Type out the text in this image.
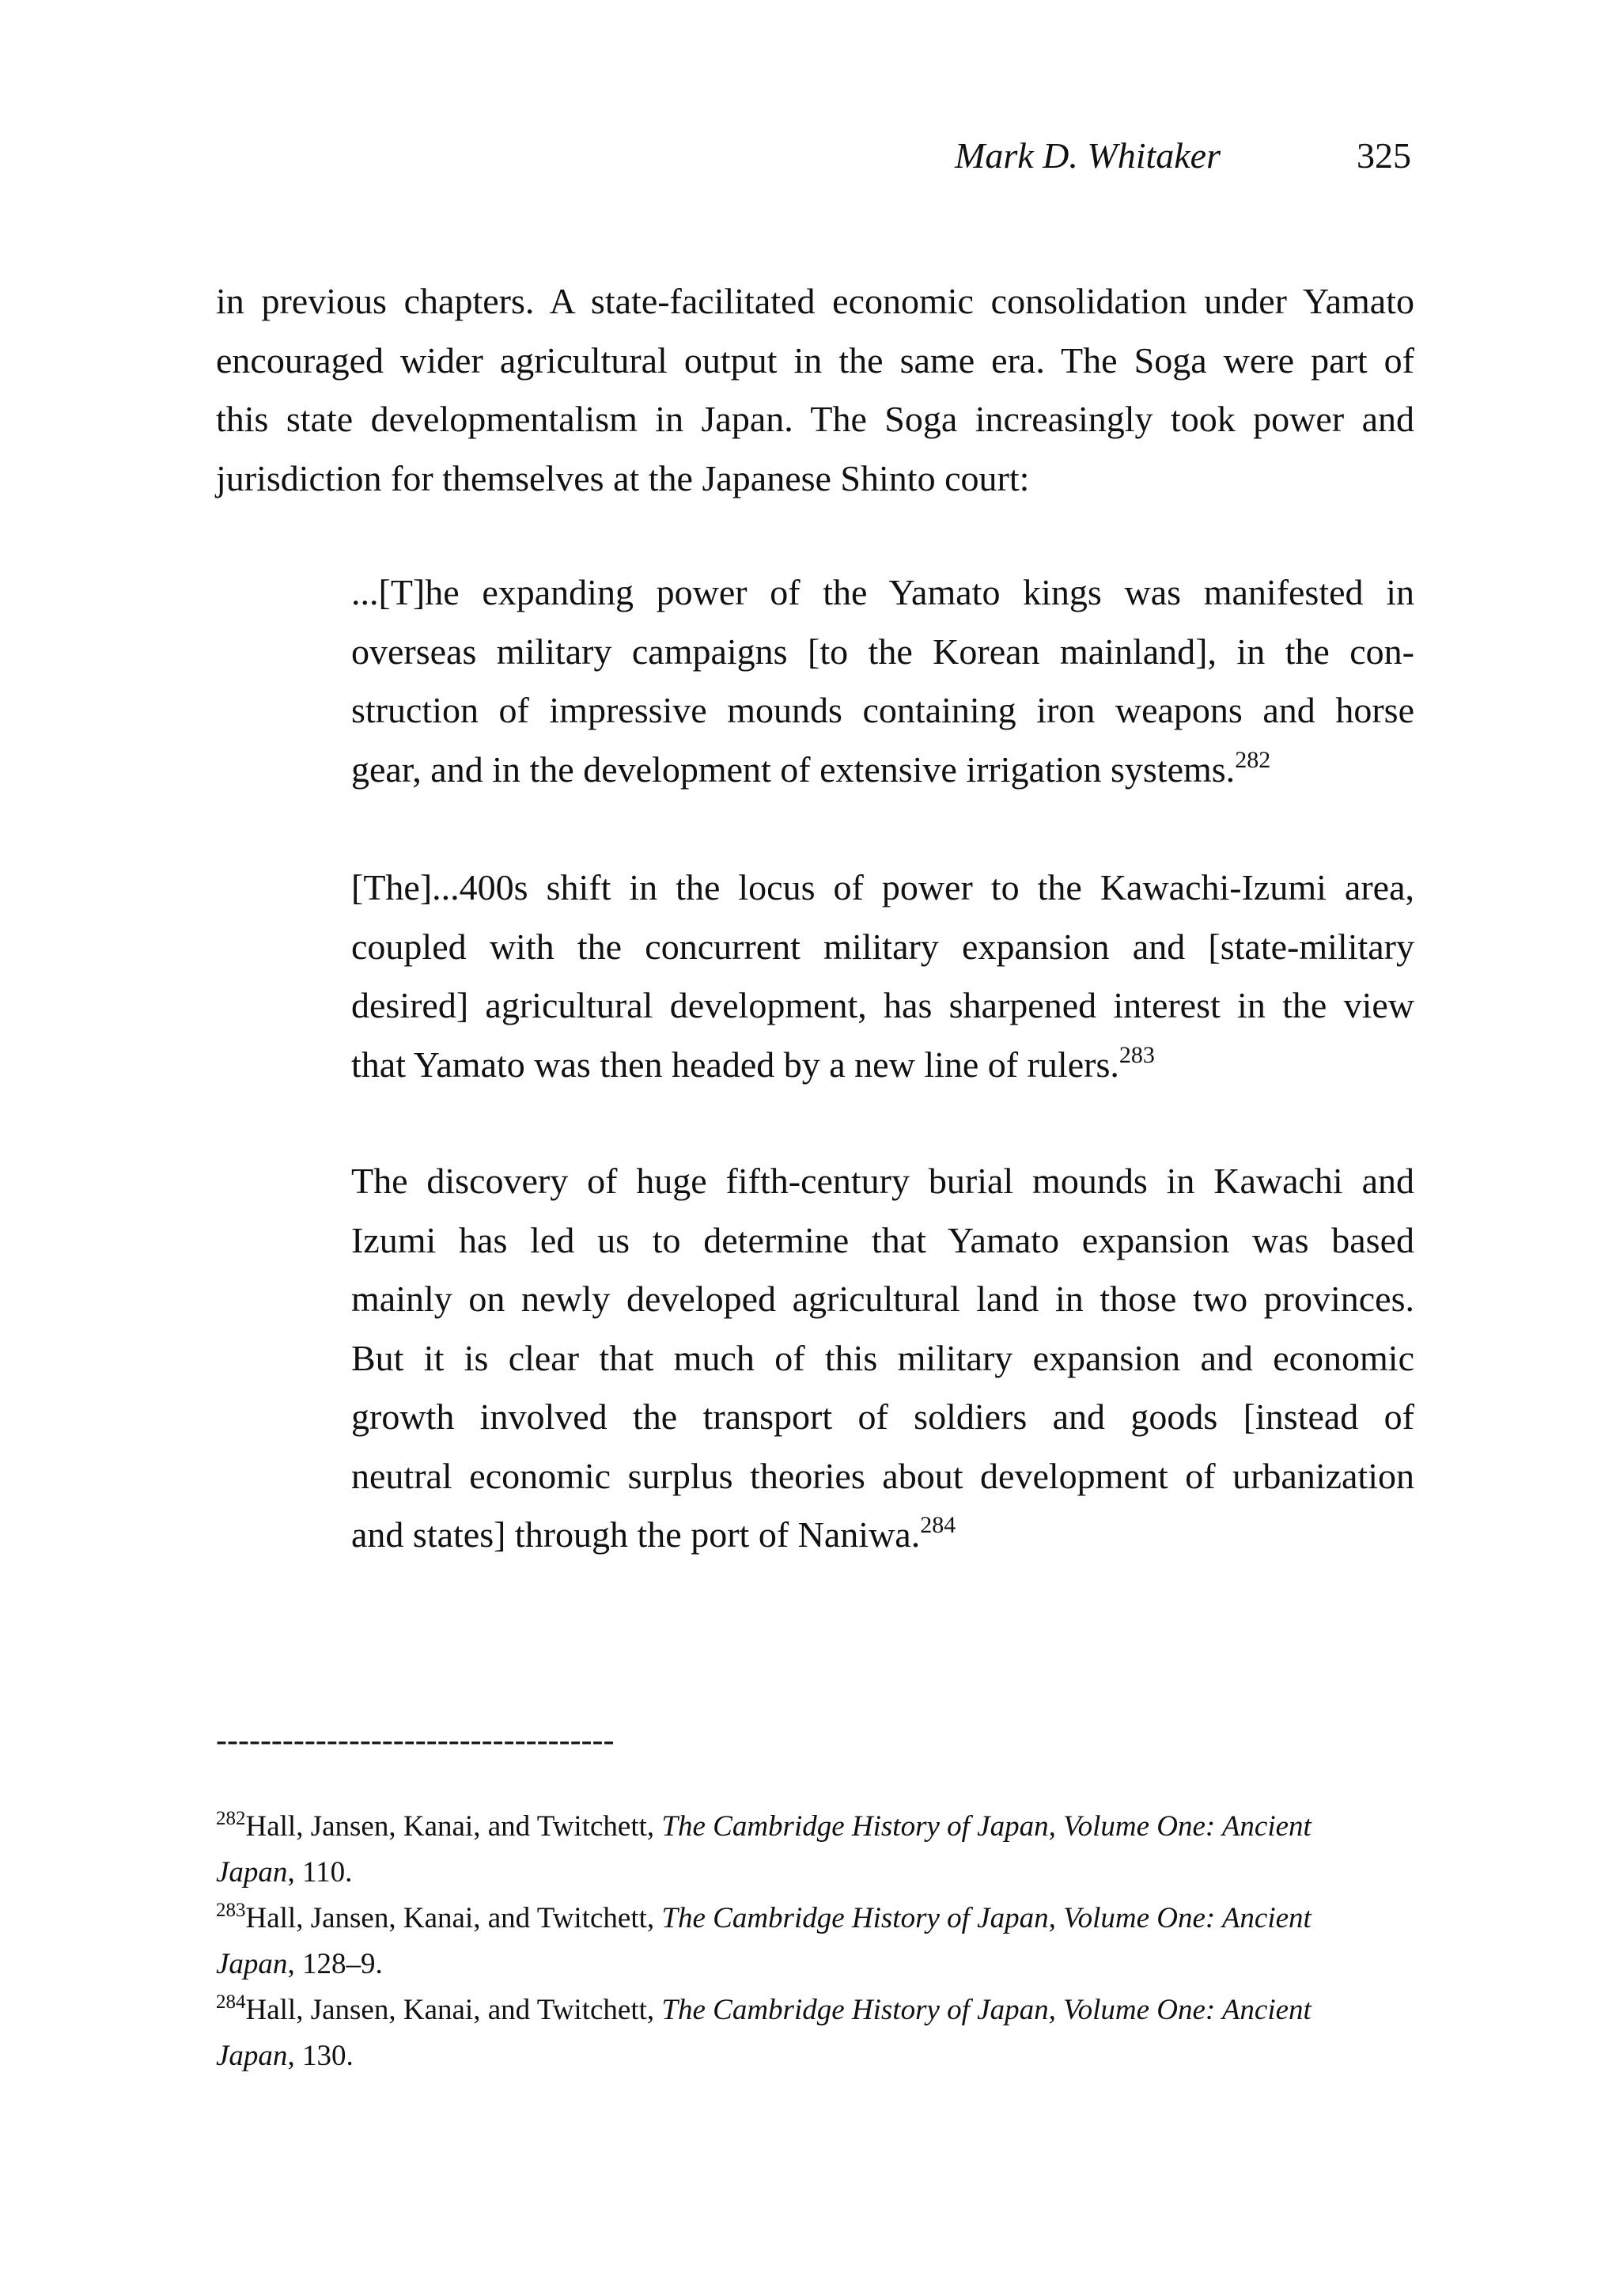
Mark D. Whitaker	325
in previous chapters. A state-facilitated economic consolidation under Yamato
encouraged wider agricultural output in the same era. The Soga were part of
this state developmentalism in Japan. The Soga increasingly took power and
jurisdiction for themselves at the Japanese Shinto court:
...[T]he expanding power of the Yamato kings was manifested in
overseas military campaigns [to the Korean mainland], in the con-
struction of impressive mounds containing iron weapons and horse
gear, and in the development of extensive irrigation systems.$^{282}$
[The]...400s shift in the locus of power to the Kawachi-Izumi area,
coupled with the concurrent military expansion and [state-military
desired] agricultural development, has sharpened interest in the view
that Yamato was then headed by a new line of rulers.$^{283}$
The discovery of huge fifth-century burial mounds in Kawachi and
Izumi has led us to determine that Yamato expansion was based
mainly on newly developed agricultural land in those two provinces.
But it is clear that much of this military expansion and economic
growth involved the transport of soldiers and goods [instead of
neutral economic surplus theories about development of urbanization
and states] through the port of Naniwa.$^{284}$
------------------------------------
$^{282}$Hall, Jansen, Kanai, and Twitchett, The Cambridge History of Japan, Volume One: Ancient Japan, 110.
$^{283}$Hall, Jansen, Kanai, and Twitchett, The Cambridge History of Japan, Volume One: Ancient Japan, 128–9.
$^{284}$Hall, Jansen, Kanai, and Twitchett, The Cambridge History of Japan, Volume One: Ancient Japan, 130.
